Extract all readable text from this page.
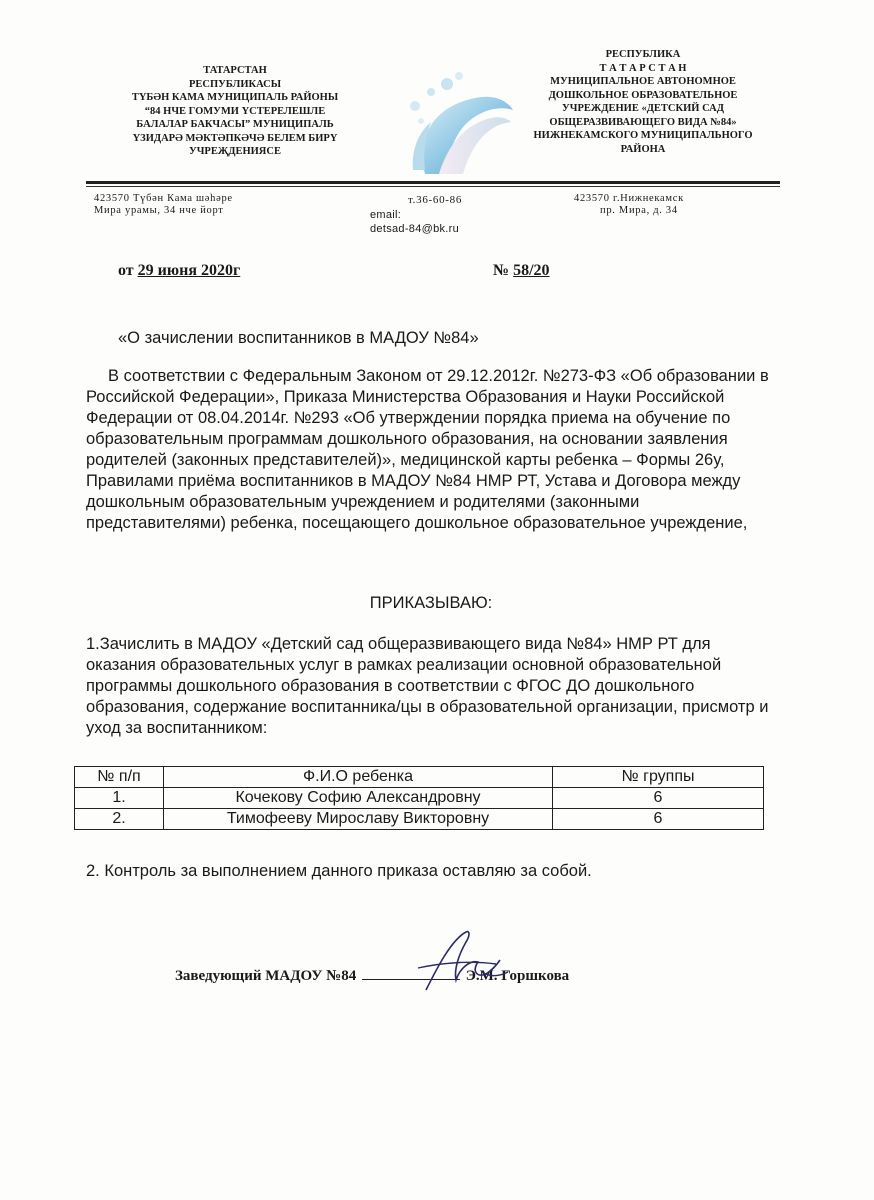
ТАТАРСТАН
РЕСПУБЛИКАСЫ
ТҮБӘН КАМА МУНИЦИПАЛЬ РАЙОНЫ
“84 НЧЕ ГОМУМИ ҮСТЕРЕЛЕШЛЕ
БАЛАЛАР БАКЧАСЫ” МУНИЦИПАЛЬ
ҮЗИДАРӘ МӘКТӘПКӘЧӘ БЕЛЕМ БИРҮ
УЧРЕҖДЕНИЯСЕ
РЕСПУБЛИКА
Т А Т А Р С Т А Н
МУНИЦИПАЛЬНОЕ АВТОНОМНОЕ
ДОШКОЛЬНОЕ ОБРАЗОВАТЕЛЬНОЕ
УЧРЕЖДЕНИЕ «ДЕТСКИЙ САД
ОБЩЕРАЗВИВАЮЩЕГО ВИДА №84»
НИЖНЕКАМСКОГО МУНИЦИПАЛЬНОГО
РАЙОНА
423570 Түбән Кама шәһәре
Мира урамы, 34 нче йорт
т.36-60-86
email:
detsad-84@bk.ru
423570 г.Нижнекамск
пр. Мира, д. 34
от 29 июня 2020г	№ 58/20
«О зачислении воспитанников в МАДОУ №84»

В соответствии с Федеральным Законом от 29.12.2012г. №273-ФЗ «Об образовании в Российской Федерации», Приказа Министерства Образования и Науки Российской Федерации от 08.04.2014г. №293 «Об утверждении порядка приема на обучение по образовательным программам дошкольного образования, на основании заявления родителей (законных представителей)», медицинской карты ребенка – Формы 26у, Правилами приёма воспитанников в МАДОУ №84 НМР РТ, Устава и Договора между дошкольным образовательным учреждением и родителями (законными представителями) ребенка, посещающего дошкольное образовательное учреждение,

ПРИКАЗЫВАЮ:
1.Зачислить в МАДОУ «Детский сад общеразвивающего вида №84» НМР РТ для оказания образовательных услуг в рамках реализации основной образовательной программы дошкольного образования в соответствии с ФГОС ДО дошкольного образования, содержание воспитанника/цы в образовательной организации, присмотр и уход за воспитанником:
№ п/п	Ф.И.О ребенка	№ группы
1.	Кочекову Софию Александровну	6
2.	Тимофееву Мирославу Викторовну	6
2. Контроль за выполнением данного приказа оставляю за собой.
Заведующий МАДОУ №84	Э.М. Горшкова
